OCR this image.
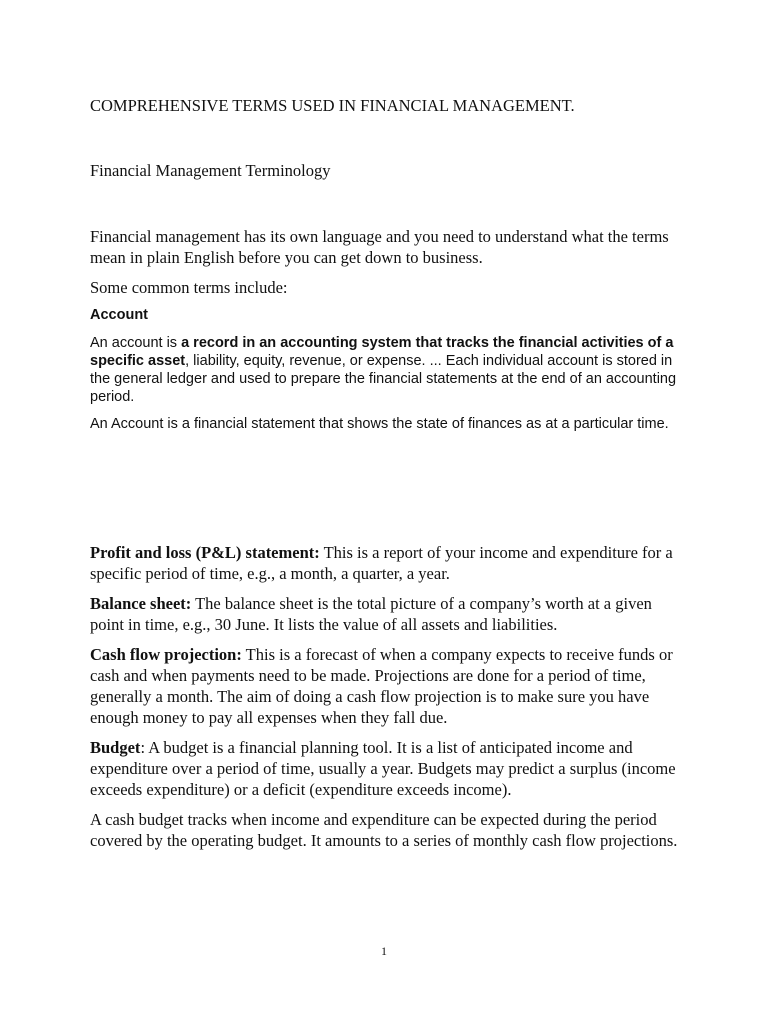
COMPREHENSIVE TERMS USED IN FINANCIAL MANAGEMENT.

Financial Management Terminology

Financial management has its own language and you need to understand what the terms mean in plain English before you can get down to business.

Some common terms include:

Account

An account is a record in an accounting system that tracks the financial activities of a specific asset, liability, equity, revenue, or expense. ... Each individual account is stored in the general ledger and used to prepare the financial statements at the end of an accounting period.

An Account is a financial statement that shows the state of finances as at a particular time.

Profit and loss (P&L) statement: This is a report of your income and expenditure for a specific period of time, e.g., a month, a quarter, a year.

Balance sheet: The balance sheet is the total picture of a company’s worth at a given point in time, e.g., 30 June. It lists the value of all assets and liabilities.

Cash flow projection: This is a forecast of when a company expects to receive funds or cash and when payments need to be made. Projections are done for a period of time, generally a month. The aim of doing a cash flow projection is to make sure you have enough money to pay all expenses when they fall due.

Budget: A budget is a financial planning tool. It is a list of anticipated income and expenditure over a period of time, usually a year. Budgets may predict a surplus (income exceeds expenditure) or a deficit (expenditure exceeds income).

A cash budget tracks when income and expenditure can be expected during the period covered by the operating budget. It amounts to a series of monthly cash flow projections.

1
